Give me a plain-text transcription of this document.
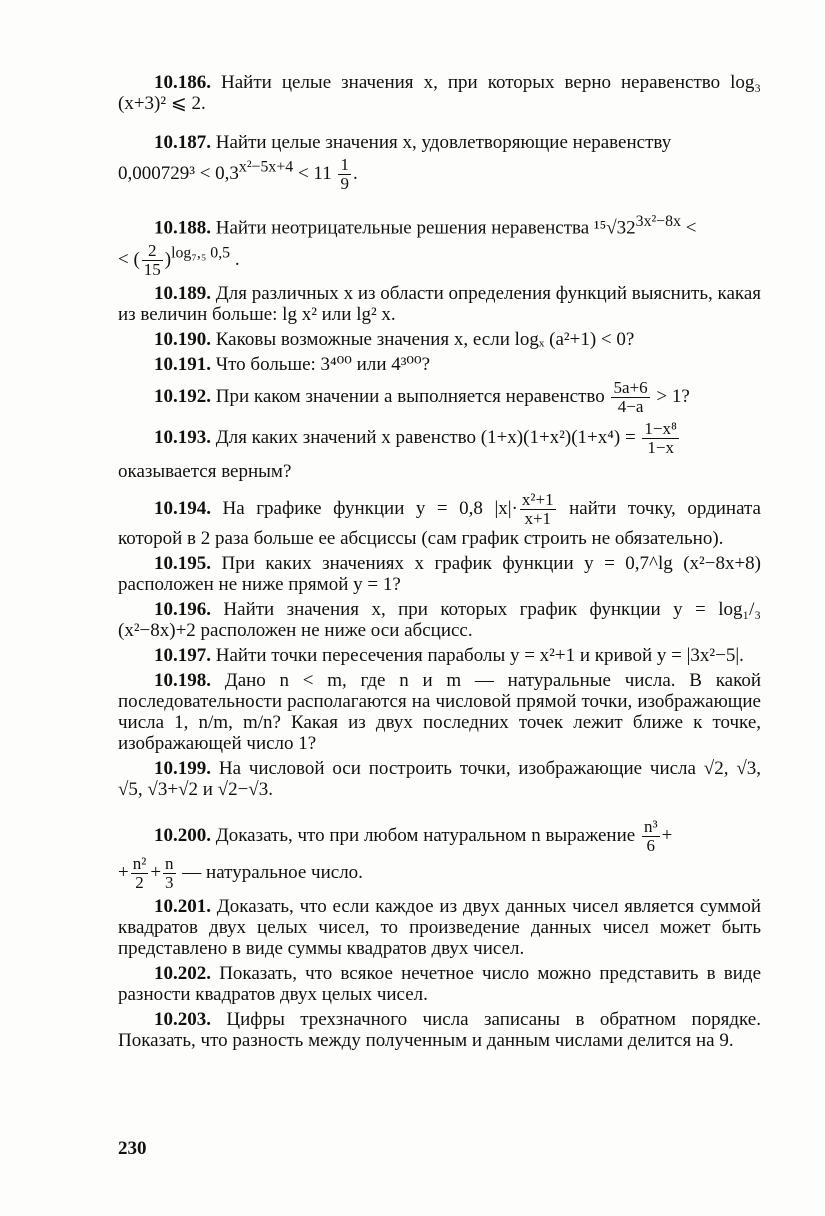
10.186. Найти целые значения x, при которых верно неравенство log₃ (x+3)² ⩽ 2.
10.187. Найти целые значения x, удовлетворяющие неравенству
$0,000729^3 < 0,3^{x^2-5x+4} < 11 \frac{1}{9}$ .
10.188. Найти неотрицательные решения неравенства $^{15}√32^{3x^2-8x}$ <
< ( $\frac{2}{15} )^{log_7,_5 0,5}$ .
10.189. Для различных x из области определения функций выяснить, какая из величин больше: lg x² или lg² x.
10.190. Каковы возможные значения x, если logₓ (a²+1) < 0?
10.191. Что больше: 3⁴⁰⁰ или 4³⁰⁰?
10.192. При каком значении a выполняется неравенство $\frac{5a+6}{4-a} > 1$?
10.193. Для каких значений x равенство $(1+x)(1+x^2)(1+x^4) = \frac{\text{1−x⁸}}{1-x}$

оказывается верным?
10.194. На графике функции y = 0,8 $|x|\cdot \frac{\text{x²+1}}{x+1}$ найти точку, ордината которой в 2 раза больше ее абсциссы (сам график строить не обязательно).
10.195. При каких значениях x график функции y = 0,7^lg (x²−8x+8) расположен не ниже прямой y = 1?
10.196. Найти значения x, при которых график функции y = log₁/₃ (x²−8x)+2 расположен не ниже оси абсцисс.
10.197. Найти точки пересечения параболы y = x²+1 и кривой y = |3x²−5|.
10.198. Дано n < m, где n и m — натуральные числа. В какой последовательности располагаются на числовой прямой точки, изображающие числа 1, n/m, m/n? Какая из двух последних точек лежит ближе к точке, изображающей число 1?
10.199. На числовой оси построить точки, изображающие числа √2, √3, √5, √3+√2 и √2−√3.
10.200. Доказать, что при любом натуральном n выражение $\frac{\text{n³}}{6}$ +
+ $\frac{\text{n²}}{2} + \frac{n}{3}$ — натуральное число.
10.201. Доказать, что если каждое из двух данных чисел является суммой квадратов двух целых чисел, то произведение данных чисел может быть представлено в виде суммы квадратов двух чисел.
10.202. Показать, что всякое нечетное число можно представить в виде разности квадратов двух целых чисел.
10.203. Цифры трехзначного числа записаны в обратном порядке. Показать, что разность между полученным и данным числами делится на 9.
230
